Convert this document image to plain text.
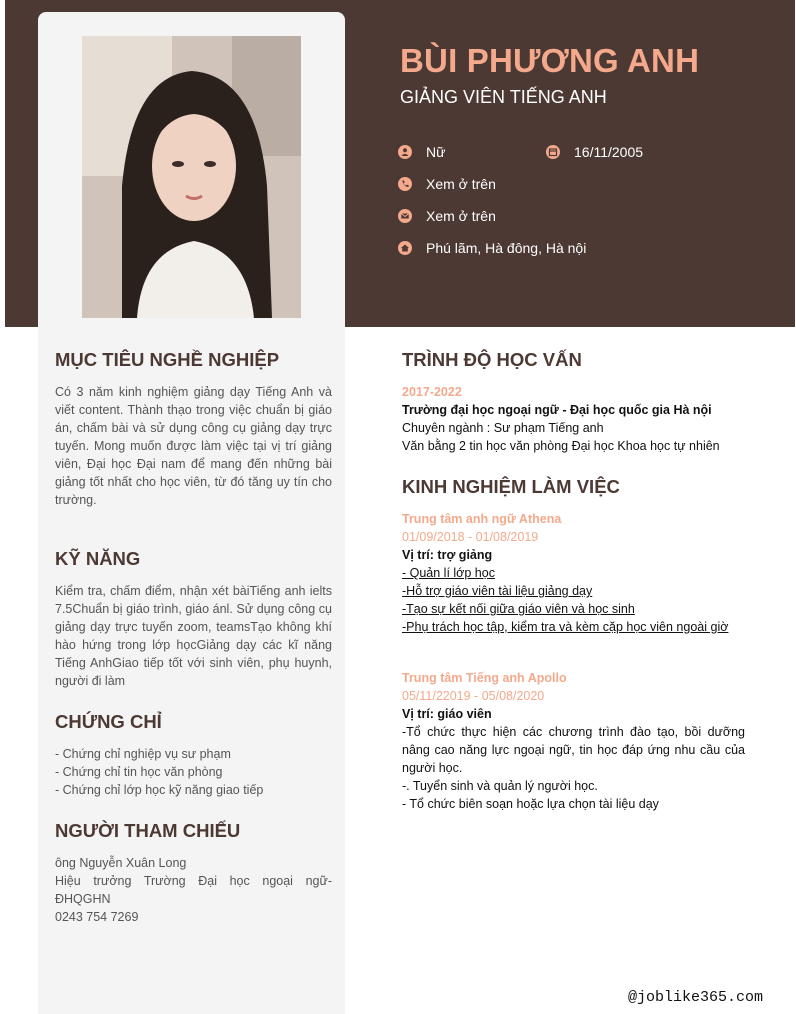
BÙI PHƯƠNG ANH
GIẢNG VIÊN TIẾNG ANH
Nữ	16/11/2005
Xem ở trên
Xem ở trên
Phú lãm, Hà đông, Hà nội
MỤC TIÊU NGHỀ NGHIỆP
Có 3 năm kinh nghiệm giảng dạy Tiếng Anh và viết content. Thành thạo trong việc chuẩn bị giáo án, chấm bài và sử dụng công cụ giảng dạy trực tuyến. Mong muốn được làm việc tại vị trí giảng viên, Đại học Đại nam để mang đến những bài giảng tốt nhất cho học viên, từ đó tăng uy tín cho trường.
KỸ NĂNG
Kiểm tra, chấm điểm, nhận xét bàiTiếng anh ielts 7.5Chuẩn bị giáo trình, giáo ánl. Sử dụng công cụ giảng dạy trực tuyến zoom, teamsTạo không khí hào hứng trong lớp họcGiảng dạy các kĩ năng Tiếng AnhGiao tiếp tốt với sinh viên, phụ huynh, người đi làm
CHỨNG CHỈ
- Chứng chỉ nghiệp vụ sư phạm
- Chứng chỉ tin học văn phòng
- Chứng chỉ lớp học kỹ năng giao tiếp
NGƯỜI THAM CHIẾU
ông Nguyễn Xuân Long
Hiệu trưởng Trường Đại học ngoại ngữ- ĐHQGHN
0243 754 7269
TRÌNH ĐỘ HỌC VẤN
2017-2022
Trường đại học ngoại ngữ - Đại học quốc gia Hà nội
Chuyên ngành : Sư phạm Tiếng anh
Văn bằng 2 tin học văn phòng Đại học Khoa học tự nhiên
KINH NGHIỆM LÀM VIỆC
Trung tâm anh ngữ Athena
01/09/2018 - 01/08/2019
Vị trí: trợ giảng
- Quản lí lớp học
-Hỗ trợ giáo viên tài liệu giảng dạy
-Tạo sự kết nối giữa giáo viên và học sinh
-Phụ trách học tập, kiểm tra và kèm cặp học viên ngoài giờ
Trung tâm Tiếng anh Apollo
05/11/22019 - 05/08/2020
Vị trí: giáo viên
-Tổ chức thực hiện các chương trình đào tạo, bồi dưỡng nâng cao năng lực ngoại ngữ, tin học đáp ứng nhu cầu của người học.
-. Tuyển sinh và quản lý người học.
- Tổ chức biên soạn hoặc lựa chọn tài liệu dạy
@joblike365.com
